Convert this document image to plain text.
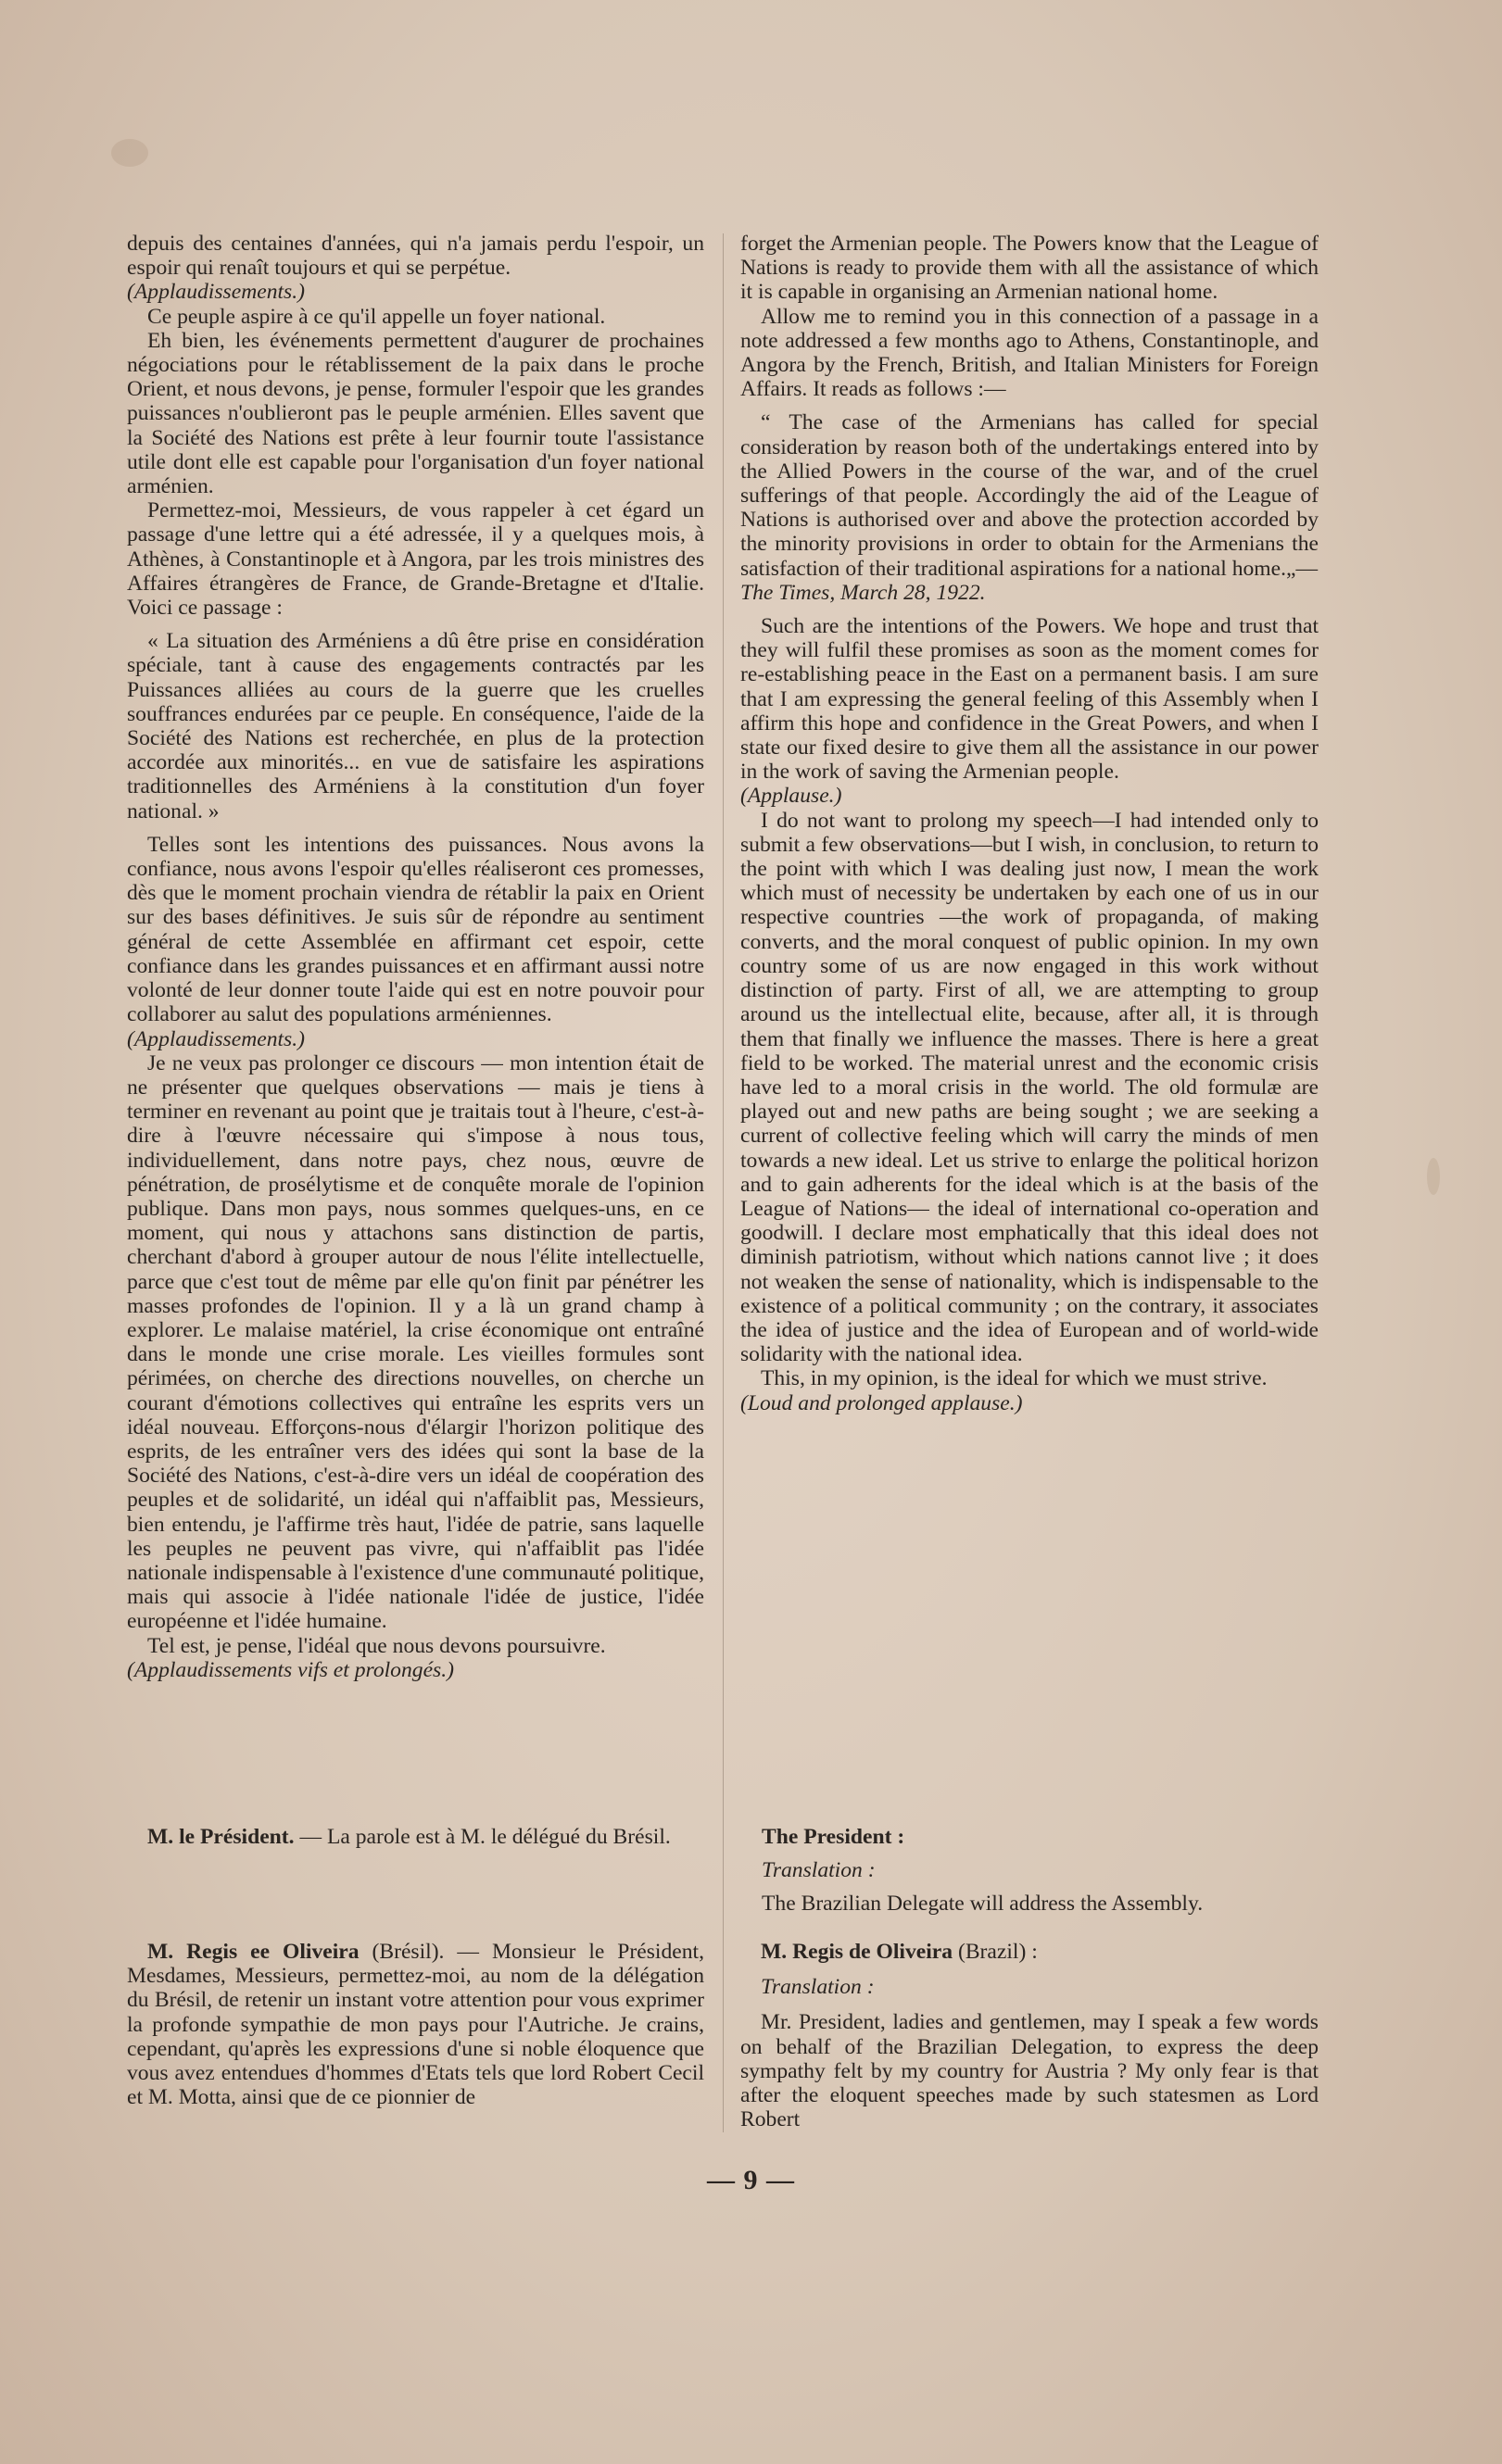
depuis des centaines d'années, qui n'a jamais perdu l'espoir, un espoir qui renaît toujours et qui se perpétue.

(Applaudissements.)

Ce peuple aspire à ce qu'il appelle un foyer national.

Eh bien, les événements permettent d'augurer de prochaines négociations pour le rétablissement de la paix dans le proche Orient, et nous devons, je pense, formuler l'espoir que les grandes puissances n'oublieront pas le peuple arménien. Elles savent que la Société des Nations est prête à leur fournir toute l'assistance utile dont elle est capable pour l'organisation d'un foyer national arménien.

Permettez-moi, Messieurs, de vous rappeler à cet égard un passage d'une lettre qui a été adressée, il y a quelques mois, à Athènes, à Constantinople et à Angora, par les trois ministres des Affaires étrangères de France, de Grande-Bretagne et d'Italie. Voici ce passage :

« La situation des Arméniens a dû être prise en considération spéciale, tant à cause des engagements contractés par les Puissances alliées au cours de la guerre que les cruelles souffrances endurées par ce peuple. En conséquence, l'aide de la Société des Nations est recherchée, en plus de la protection accordée aux minorités... en vue de satisfaire les aspirations traditionnelles des Arméniens à la constitution d'un foyer national. »

Telles sont les intentions des puissances. Nous avons la confiance, nous avons l'espoir qu'elles réaliseront ces promesses, dès que le moment prochain viendra de rétablir la paix en Orient sur des bases définitives. Je suis sûr de répondre au sentiment général de cette Assemblée en affirmant cet espoir, cette confiance dans les grandes puissances et en affirmant aussi notre volonté de leur donner toute l'aide qui est en notre pouvoir pour collaborer au salut des populations arméniennes.

(Applaudissements.)

Je ne veux pas prolonger ce discours — mon intention était de ne présenter que quelques observations — mais je tiens à terminer en revenant au point que je traitais tout à l'heure, c'est-à-dire à l'œuvre nécessaire qui s'impose à nous tous, individuellement, dans notre pays, chez nous, œuvre de pénétration, de prosélytisme et de conquête morale de l'opinion publique. Dans mon pays, nous sommes quelques-uns, en ce moment, qui nous y attachons sans distinction de partis, cherchant d'abord à grouper autour de nous l'élite intellectuelle, parce que c'est tout de même par elle qu'on finit par pénétrer les masses profondes de l'opinion. Il y a là un grand champ à explorer. Le malaise matériel, la crise économique ont entraîné dans le monde une crise morale. Les vieilles formules sont périmées, on cherche des directions nouvelles, on cherche un courant d'émotions collectives qui entraîne les esprits vers un idéal nouveau. Efforçons-nous d'élargir l'horizon politique des esprits, de les entraîner vers des idées qui sont la base de la Société des Nations, c'est-à-dire vers un idéal de coopération des peuples et de solidarité, un idéal qui n'affaiblit pas, Messieurs, bien entendu, je l'affirme très haut, l'idée de patrie, sans laquelle les peuples ne peuvent pas vivre, qui n'affaiblit pas l'idée nationale indispensable à l'existence d'une communauté politique, mais qui associe à l'idée nationale l'idée de justice, l'idée européenne et l'idée humaine.

Tel est, je pense, l'idéal que nous devons poursuivre.

(Applaudissements vifs et prolongés.)

forget the Armenian people. The Powers know that the League of Nations is ready to provide them with all the assistance of which it is capable in organising an Armenian national home.

Allow me to remind you in this connection of a passage in a note addressed a few months ago to Athens, Constantinople, and Angora by the French, British, and Italian Ministers for Foreign Affairs. It reads as follows :—

“ The case of the Armenians has called for special consideration by reason both of the undertakings entered into by the Allied Powers in the course of the war, and of the cruel sufferings of that people. Accordingly the aid of the League of Nations is authorised over and above the protection accorded by the minority provisions in order to obtain for the Armenians the satisfaction of their traditional aspirations for a national home.„—

The Times, March 28, 1922.

Such are the intentions of the Powers. We hope and trust that they will fulfil these promises as soon as the moment comes for re-establishing peace in the East on a permanent basis. I am sure that I am expressing the general feeling of this Assembly when I affirm this hope and confidence in the Great Powers, and when I state our fixed desire to give them all the assistance in our power in the work of saving the Armenian people.

(Applause.)

I do not want to prolong my speech—I had intended only to submit a few observations—but I wish, in conclusion, to return to the point with which I was dealing just now, I mean the work which must of necessity be undertaken by each one of us in our respective countries —the work of propaganda, of making converts, and the moral conquest of public opinion. In my own country some of us are now engaged in this work without distinction of party. First of all, we are attempting to group around us the intellectual elite, because, after all, it is through them that finally we influence the masses. There is here a great field to be worked. The material unrest and the economic crisis have led to a moral crisis in the world. The old formulæ are played out and new paths are being sought ; we are seeking a current of collective feeling which will carry the minds of men towards a new ideal. Let us strive to enlarge the political horizon and to gain adherents for the ideal which is at the basis of the League of Nations— the ideal of international co-operation and goodwill. I declare most emphatically that this ideal does not diminish patriotism, without which nations cannot live ; it does not weaken the sense of nationality, which is indispensable to the existence of a political community ; on the contrary, it associates the idea of justice and the idea of European and of world-wide solidarity with the national idea.

This, in my opinion, is the ideal for which we must strive.

(Loud and prolonged applause.)

M. le Président. — La parole est à M. le délégué du Brésil.	The President :

Translation :

The Brazilian Delegate will address the Assembly.

M. Regis ee Oliveira (Brésil). — Monsieur le Président, Mesdames, Messieurs, permettez-moi, au nom de la délégation du Brésil, de retenir un instant votre attention pour vous exprimer la profonde sympathie de mon pays pour l'Autriche. Je crains, cependant, qu'après les expressions d'une si noble éloquence que vous avez entendues d'hommes d'Etats tels que lord Robert Cecil et M. Motta, ainsi que de ce pionnier de

M. Regis de Oliveira (Brazil) :

Translation :

Mr. President, ladies and gentlemen, may I speak a few words on behalf of the Brazilian Delegation, to express the deep sympathy felt by my country for Austria ? My only fear is that after the eloquent speeches made by such statesmen as Lord Robert

— 9 —
